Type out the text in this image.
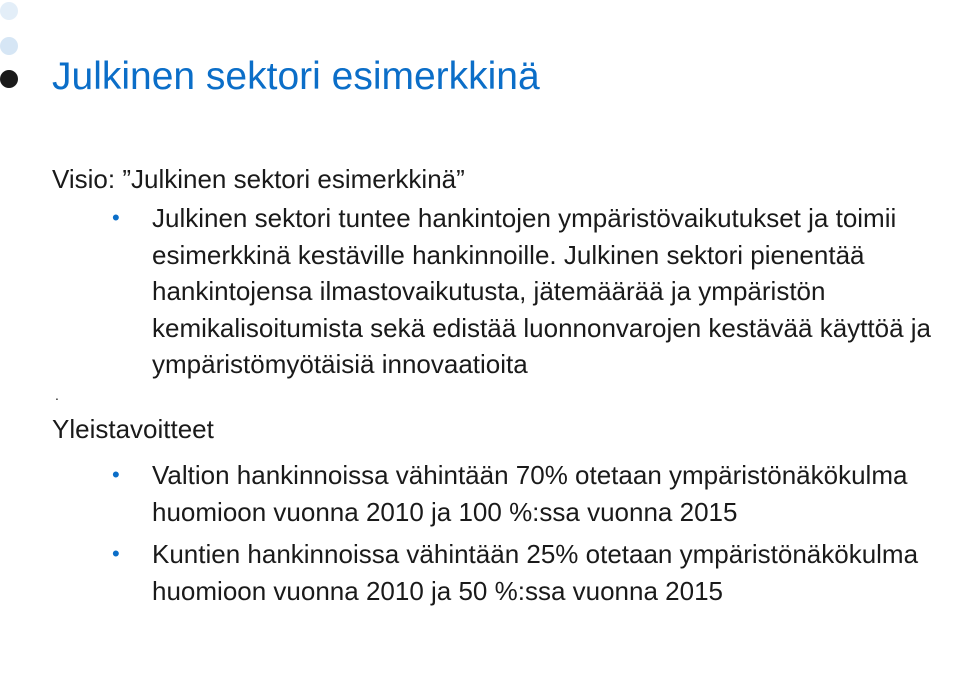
Julkinen sektori esimerkkinä
Visio: ”Julkinen sektori esimerkkinä”
• Julkinen sektori tuntee hankintojen ympäristövaikutukset ja toimii esimerkkinä kestäville hankinnoille. Julkinen sektori pienentää hankintojensa ilmastovaikutusta, jätemäärää ja ympäristön kemikalisoitumista sekä edistää luonnonvarojen kestävää käyttöä ja ympäristömyötäisiä innovaatioita
.
Yleistavoitteet
• Valtion hankinnoissa vähintään 70% otetaan ympäristönäkökulma huomioon vuonna 2010 ja 100 %:ssa vuonna 2015
• Kuntien hankinnoissa vähintään 25% otetaan ympäristönäkökulma huomioon vuonna 2010 ja 50 %:ssa vuonna 2015
